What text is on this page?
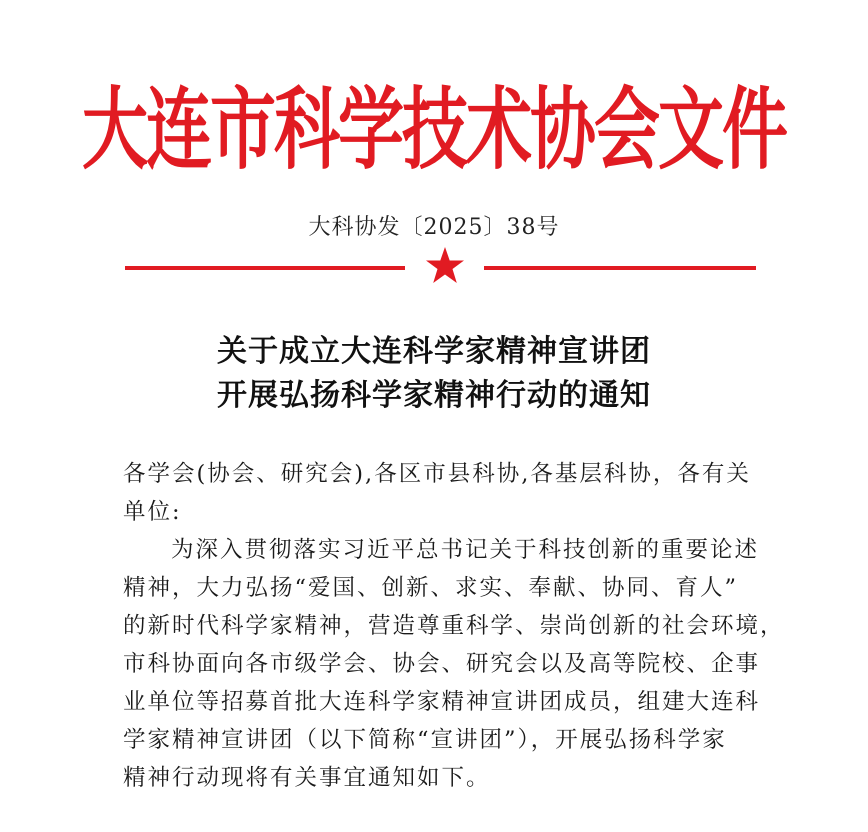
大连市科学技术协会文件
大科协发〔2025〕38号
关于成立大连科学家精神宣讲团
开展弘扬科学家精神行动的通知
各学会(协会、研究会),各区市县科协,各基层科协，各有关
单位:
为深入贯彻落实习近平总书记关于科技创新的重要论述
精神，大力弘扬“爱国、创新、求实、奉献、协同、育人”
的新时代科学家精神，营造尊重科学、崇尚创新的社会环境，
市科协面向各市级学会、协会、研究会以及高等院校、企事
业单位等招募首批大连科学家精神宣讲团成员，组建大连科
学家精神宣讲团（以下简称“宣讲团”），开展弘扬科学家
精神行动现将有关事宜通知如下。
